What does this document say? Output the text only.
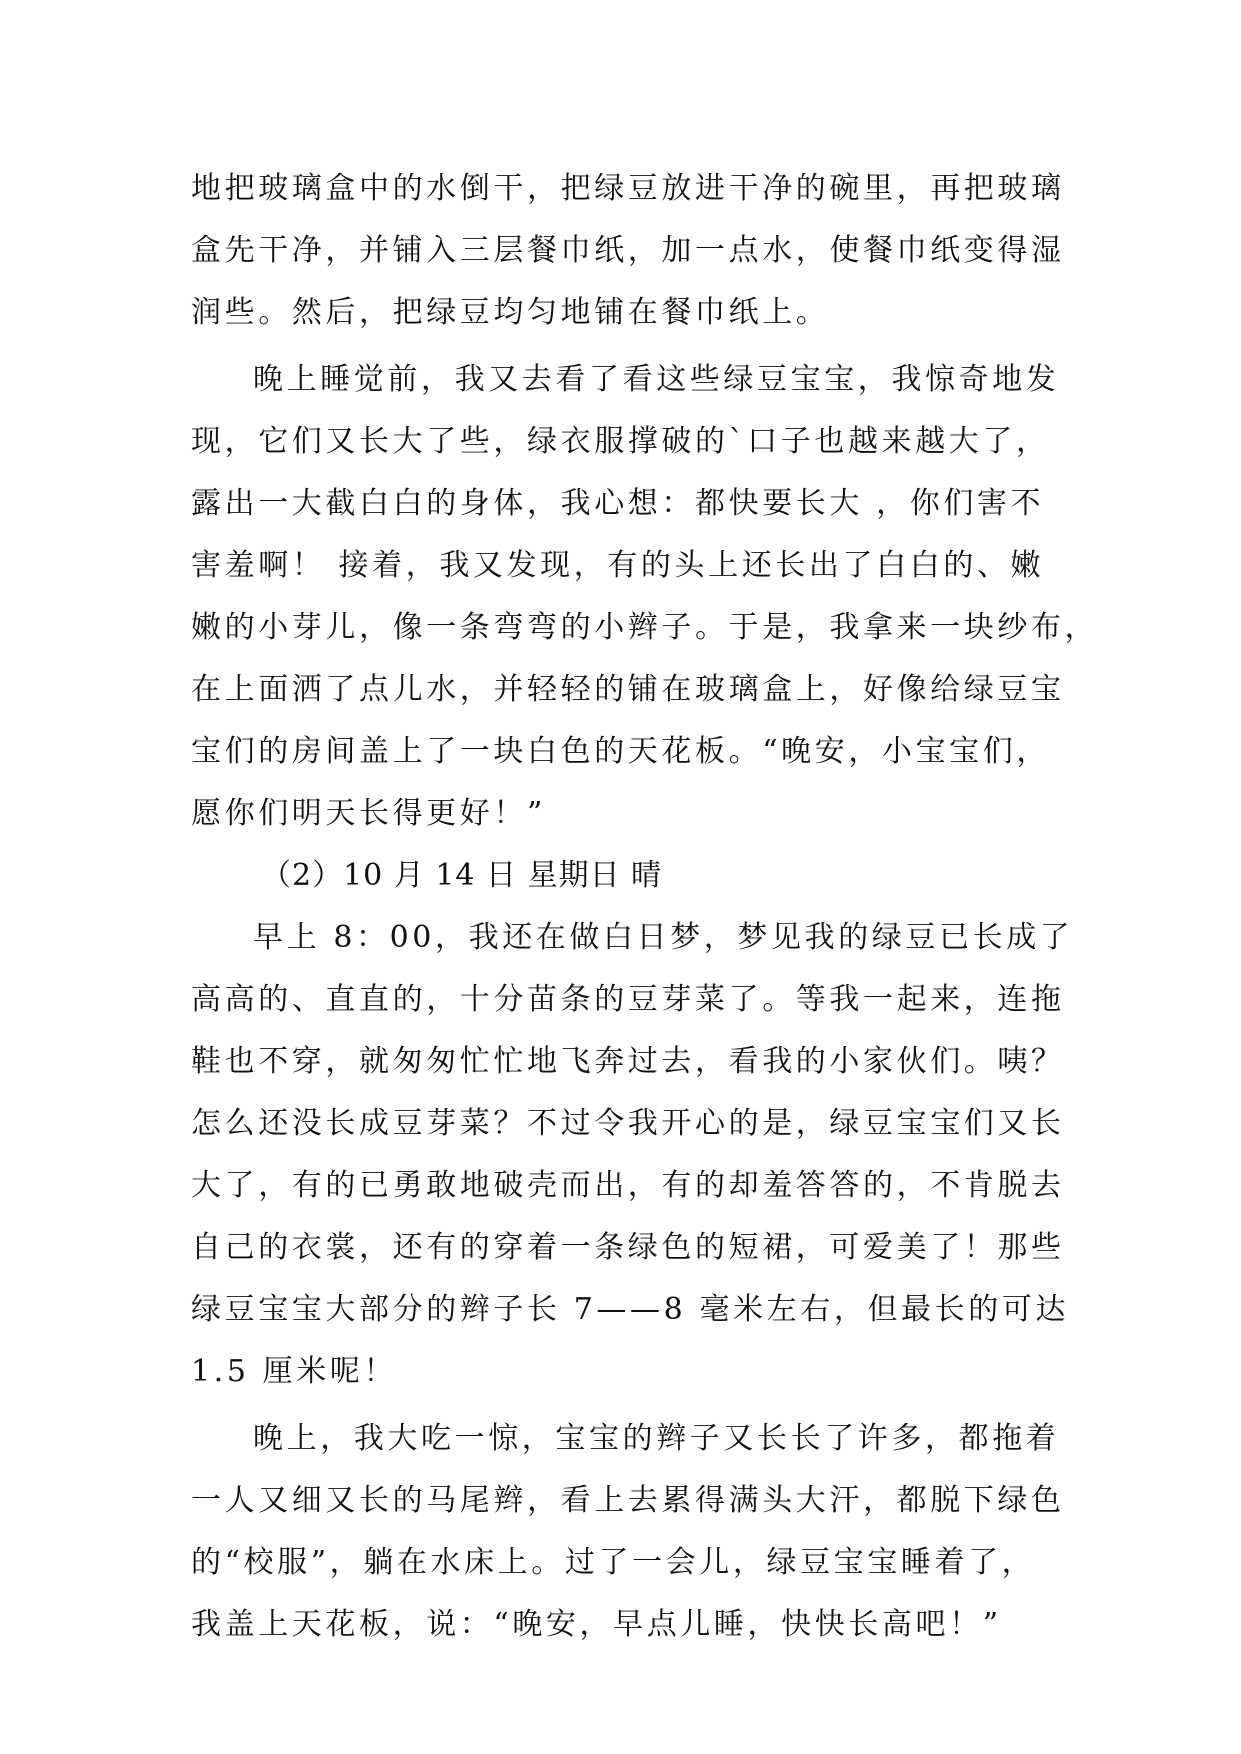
地把玻璃盒中的水倒干，把绿豆放进干净的碗里，再把玻璃
盒先干净，并铺入三层餐巾纸，加一点水，使餐巾纸变得湿
润些。然后，把绿豆均匀地铺在餐巾纸上。
晚上睡觉前，我又去看了看这些绿豆宝宝，我惊奇地发
现，它们又长大了些，绿衣服撑破的`口子也越来越大了，
露出一大截白白的身体，我心想：都快要长大 ，你们害不
害羞啊！ 接着，我又发现，有的头上还长出了白白的、嫩
嫩的小芽儿，像一条弯弯的小辫子。于是，我拿来一块纱布，
在上面洒了点儿水，并轻轻的铺在玻璃盒上，好像给绿豆宝
宝们的房间盖上了一块白色的天花板。“晚安，小宝宝们，
愿你们明天长得更好！”
（2）10 月 14 日 星期日 晴
早上 8：00，我还在做白日梦，梦见我的绿豆已长成了
高高的、直直的，十分苗条的豆芽菜了。等我一起来，连拖
鞋也不穿，就匆匆忙忙地飞奔过去，看我的小家伙们。咦？
怎么还没长成豆芽菜？不过令我开心的是，绿豆宝宝们又长
大了，有的已勇敢地破壳而出，有的却羞答答的，不肯脱去
自己的衣裳，还有的穿着一条绿色的短裙，可爱美了！那些
绿豆宝宝大部分的辫子长 7——8 毫米左右，但最长的可达
1.5 厘米呢！
晚上，我大吃一惊，宝宝的辫子又长长了许多，都拖着
一人又细又长的马尾辫，看上去累得满头大汗，都脱下绿色
的“校服”，躺在水床上。过了一会儿，绿豆宝宝睡着了，
我盖上天花板，说：“晚安，早点儿睡，快快长高吧！”
